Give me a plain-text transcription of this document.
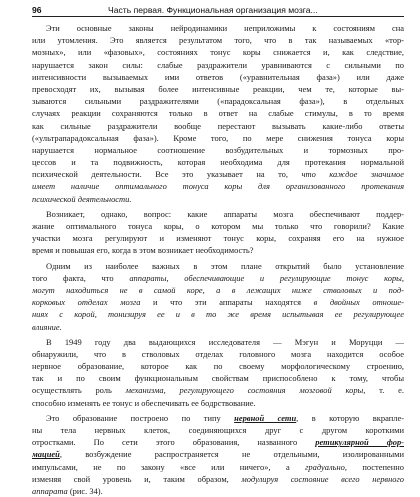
96	Часть первая. Функциональная организация мозга...
Эти основные законы нейродинамики неприложимы к состояниям сна
или утомления. Это является результатом того, что в так называемых «тор-
мозных», или «фазовых», состояниях тонус коры снижается и, как следствие,
нарушается закон силы: слабые раздражители уравниваются с сильными по
интенсивности вызываемых ими ответов («уравнительная фаза») или даже
превосходят их, вызывая более интенсивные реакции, чем те, которые вы-
зываются сильными раздражителями («парадоксальная фаза»), в отдельных
случаях реакции сохраняются только в ответ на слабые стимулы, в то время
как сильные раздражители вообще перестают вызывать какие-либо ответы
(«ультрапарадоксальная фаза»). Кроме того, по мере снижения тонуса коры
нарушается нормальное соотношение возбудительных и тормозных про-
цессов и та подвижность, которая необходима для протекания нормальной
психической деятельности. Все это указывает на то, что каждое значимое
имеет наличие оптимального тонуса коры для организованного протекания
психической деятельности.
Возникает, однако, вопрос: какие аппараты мозга обеспечивают поддер-
жание оптимального тонуса коры, о котором мы только что говорили? Какие
участки мозга регулируют и изменяют тонус коры, сохраняя его на нужное
время и повышая его, когда в этом возникает необходимость?
Одним из наиболее важных в этом плане открытий было установление
того факта, что аппараты, обеспечивающие и регулирующие тонус коры,
могут находиться не в самой коре, а в лежащих ниже стволовых и под-
корковых отделах мозга и что эти аппараты находятся в двойных отноше-
ниях с корой, тонизируя ее и в то же время испытывая ее регулирующее
влияние.
В 1949 году два выдающихся исследователя — Мэгун и Моруцци —
обнаружили, что в стволовых отделах головного мозга находится особое
нервное образование, которое как по своему морфологическому строению,
так и по своим функциональным свойствам приспособлено к тому, чтобы
осуществлять роль механизма, регулирующего состояния мозговой коры, т. е.
способно изменять ее тонус и обеспечивать ее бодрствование.
Это образование построено по типу нервной сети, в которую вкрапле-
ны тела нервных клеток, соединяющихся друг с другом короткими
отростками. По сети этого образования, названного ретикулярной фор-
мацией, возбуждение распространяется не отдельными, изолированными
импульсами, не по закону «все или ничего», а градуально, постепенно
изменяя свой уровень и, таким образом, модулируя состояние всего нервного
аппарата (рис. 34).
